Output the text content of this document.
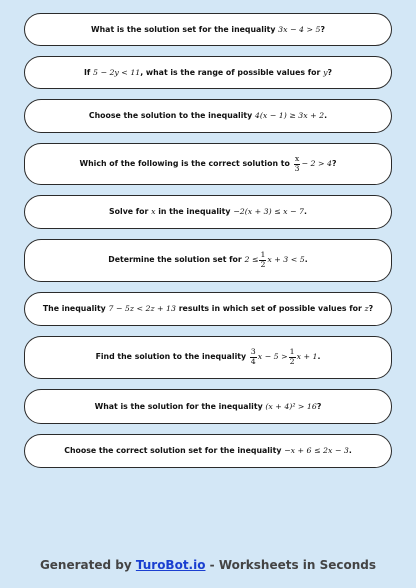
What is the solution set for the inequality 3x − 4 > 5?
If 5 − 2y < 11, what is the range of possible values for y?
Choose the solution to the inequality 4(x − 1) ≥ 3x + 2.
Which of the following is the correct solution to $\frac{x}{3} - 2 > 4$?
Solve for x in the inequality −2(x + 3) ≤ x − 7.
Determine the solution set for $2 \le \frac{1}{2}$ x + 3 < 5.
The inequality 7 − 5z < 2z + 13 results in which set of possible values for z?
Find the solution to the inequality $\frac{3}{4}$ $x - 5 > \frac{1}{2}$ x + 1.
What is the solution for the inequality (x + 4)² > 16?
Choose the correct solution set for the inequality −x + 6 ≤ 2x − 3.
Generated by TuroBot.io - Worksheets in Seconds
